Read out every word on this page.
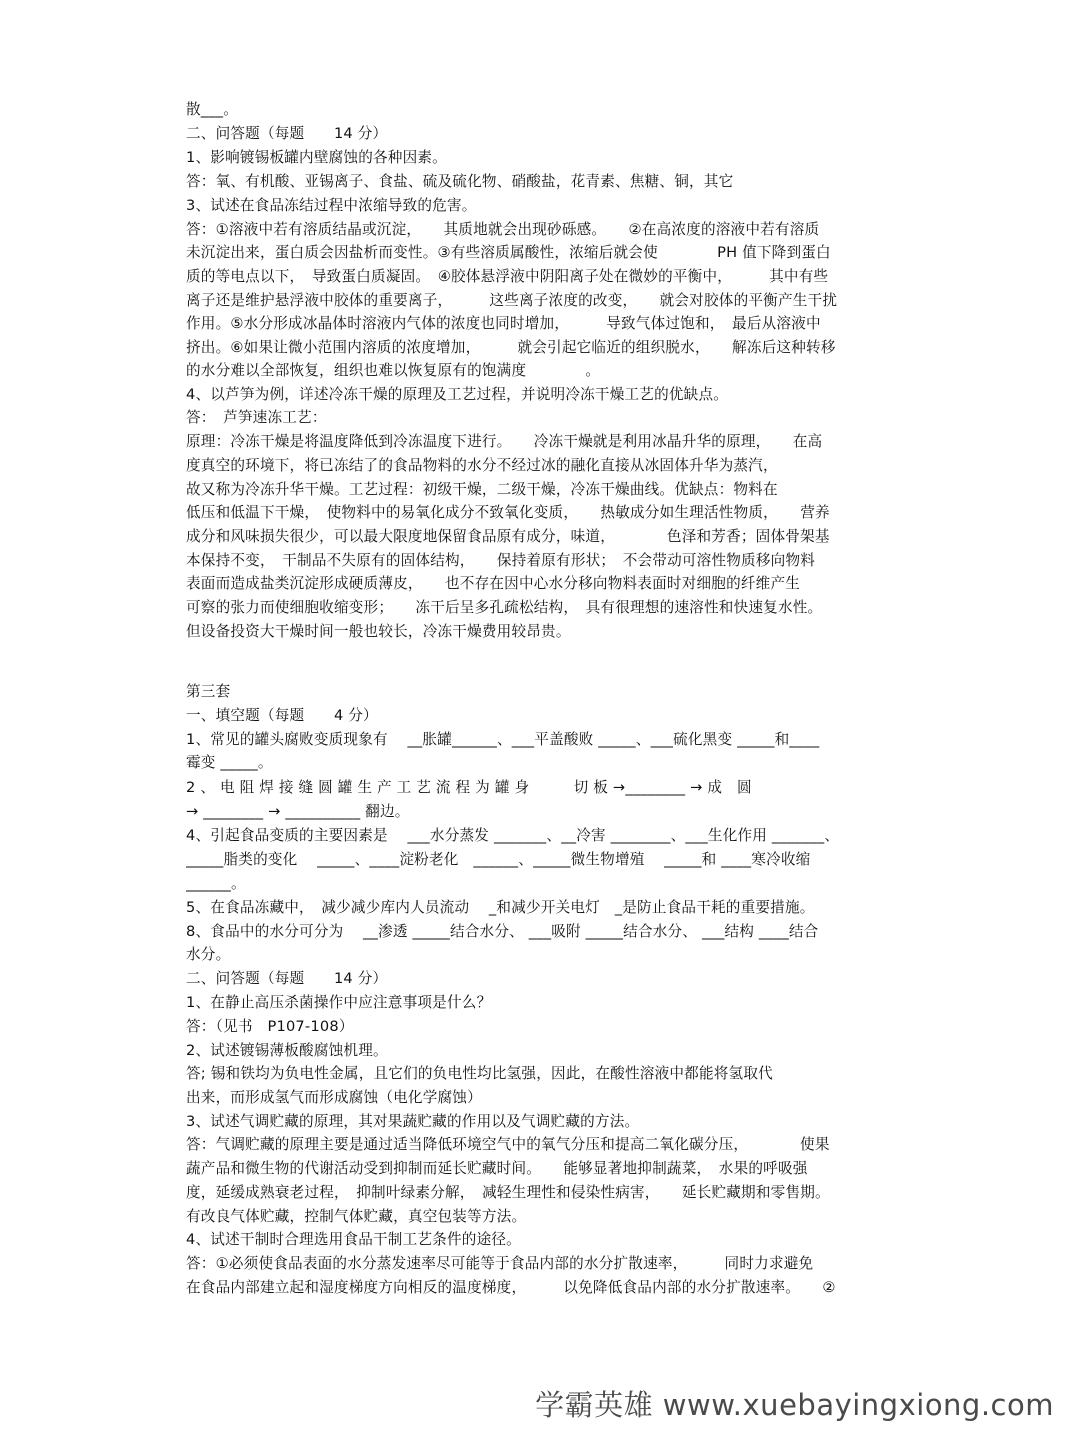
散___。
二、问答题（每题　　14 分）
1、影响镀锡板罐内壁腐蚀的各种因素。
答：氧、有机酸、亚锡离子、食盐、硫及硫化物、硝酸盐，花青素、焦糖、铜，其它
3、试述在食品冻结过程中浓缩导致的危害。
答：①溶液中若有溶质结晶或沉淀，　　其质地就会出现砂砾感。　　②在高浓度的溶液中若有溶质
未沉淀出来，蛋白质会因盐析而变性。③有些溶质属酸性，浓缩后就会使　　　　PH 值下降到蛋白
质的等电点以下，　导致蛋白质凝固。　④胶体悬浮液中阴阳离子处在微妙的平衡中，　　　其中有些
离子还是维护悬浮液中胶体的重要离子，　　　这些离子浓度的改变，　　就会对胶体的平衡产生干扰
作用。⑤水分形成冰晶体时溶液内气体的浓度也同时增加，　　　导致气体过饱和，　最后从溶液中
挤出。⑥如果让微小范围内溶质的浓度增加，　　　就会引起它临近的组织脱水，　　解冻后这种转移
的水分难以全部恢复，组织也难以恢复原有的饱满度　　　　。
4、以芦笋为例，详述冷冻干燥的原理及工艺过程，并说明冷冻干燥工艺的优缺点。
答：　芦笋速冻工艺：
原理：冷冻干燥是将温度降低到冷冻温度下进行。　　冷冻干燥就是利用冰晶升华的原理，　　在高
度真空的环境下，将已冻结了的食品物料的水分不经过冰的融化直接从冰固体升华为蒸汽，
故又称为冷冻升华干燥。工艺过程：初级干燥，二级干燥，冷冻干燥曲线。优缺点：物料在
低压和低温下干燥，　使物料中的易氧化成分不致氧化变质，　　热敏成分如生理活性物质，　　营养
成分和风味损失很少，可以最大限度地保留食品原有成分，味道，　　　　色泽和芳香；固体骨架基
本保持不变，　干制品不失原有的固体结构，　　保持着原有形状；　不会带动可溶性物质移向物料
表面而造成盐类沉淀形成硬质薄皮，　　也不存在因中心水分移向物料表面时对细胞的纤维产生
可察的张力而使细胞收缩变形；　　冻干后呈多孔疏松结构，　具有很理想的速溶性和快速复水性。
但设备投资大干燥时间一般也较长，冷冻干燥费用较昂贵。
第三套
一、填空题（每题　　4 分）
1、常见的罐头腐败变质现象有　 __胀罐______、___平盖酸败 _____、___硫化黑变 _____和____
霉变 _____。
2 、 电 阻 焊 接 缝 圆 罐 生 产 工 艺 流 程 为 罐 身　　　切 板 →________ → 成　圆
→ ________ → __________ 翻边。
4、引起食品变质的主要因素是　 ___水分蒸发 _______、__冷害 ________、___生化作用 _______、
_____脂类的变化　 _____、____淀粉老化　______、_____微生物增殖　 _____和 ____寒冷收缩
______。
5、在食品冻藏中，　减少减少库内人员流动　 _和减少开关电灯　_是防止食品干耗的重要措施。
8、食品中的水分可分为　 __渗透 _____结合水分、 ___吸附 _____结合水分、 ___结构 ____结合
水分。
二、问答题（每题　　14 分）
1、在静止高压杀菌操作中应注意事项是什么？
答：（见书　P107-108）
2、试述镀锡薄板酸腐蚀机理。
答; 锡和铁均为负电性金属，且它们的负电性均比氢强，因此，在酸性溶液中都能将氢取代
出来，而形成氢气而形成腐蚀（电化学腐蚀）
3、试述气调贮藏的原理，其对果蔬贮藏的作用以及气调贮藏的方法。
答：气调贮藏的原理主要是通过适当降低环境空气中的氧气分压和提高二氧化碳分压，　　　　使果
蔬产品和微生物的代谢活动受到抑制而延长贮藏时间。　　能够显著地抑制蔬菜，　水果的呼吸强
度，延缓成熟衰老过程，　抑制叶绿素分解，　减轻生理性和侵染性病害，　　延长贮藏期和零售期。
有改良气体贮藏，控制气体贮藏，真空包装等方法。
4、试述干制时合理选用食品干制工艺条件的途径。
答：①必须使食品表面的水分蒸发速率尽可能等于食品内部的水分扩散速率，　　　同时力求避免
在食品内部建立起和湿度梯度方向相反的温度梯度，　　　以免降低食品内部的水分扩散速率。　　②
学霸英雄 www.xuebayingxiong.com
